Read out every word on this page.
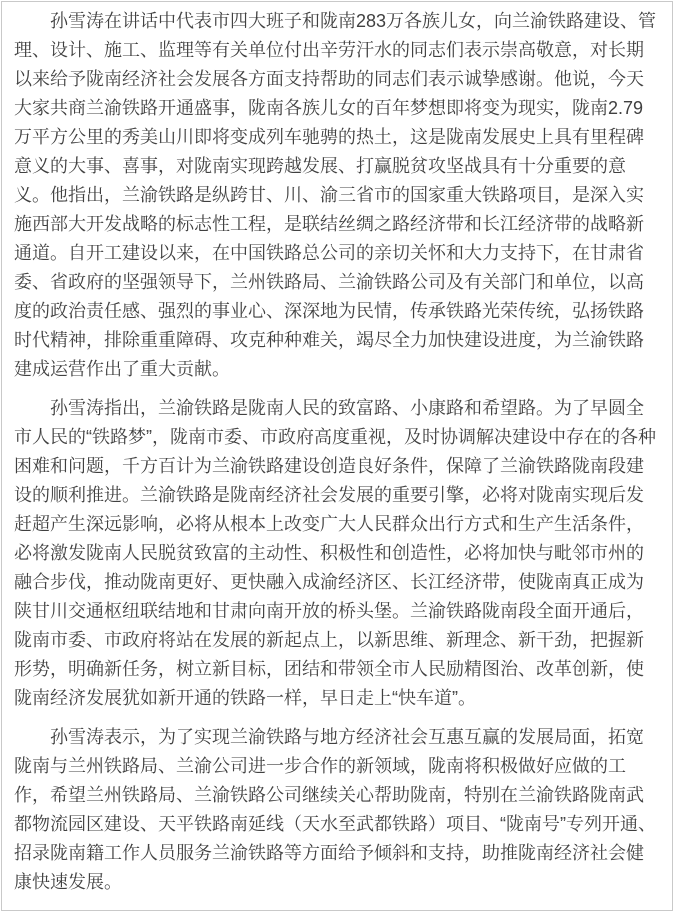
孙雪涛在讲话中代表市四大班子和陇南283万各族儿女，向兰渝铁路建设、管理、设计、施工、监理等有关单位付出辛劳汗水的同志们表示崇高敬意，对长期以来给予陇南经济社会发展各方面支持帮助的同志们表示诚挚感谢。他说，今天大家共商兰渝铁路开通盛事，陇南各族儿女的百年梦想即将变为现实，陇南2.79万平方公里的秀美山川即将变成列车驰骋的热土，这是陇南发展史上具有里程碑意义的大事、喜事，对陇南实现跨越发展、打赢脱贫攻坚战具有十分重要的意义。他指出，兰渝铁路是纵跨甘、川、渝三省市的国家重大铁路项目，是深入实施西部大开发战略的标志性工程，是联结丝绸之路经济带和长江经济带的战略新通道。自开工建设以来，在中国铁路总公司的亲切关怀和大力支持下，在甘肃省委、省政府的坚强领导下，兰州铁路局、兰渝铁路公司及有关部门和单位，以高度的政治责任感、强烈的事业心、深深地为民情，传承铁路光荣传统，弘扬铁路时代精神，排除重重障碍、攻克种种难关，竭尽全力加快建设进度，为兰渝铁路建成运营作出了重大贡献。

孙雪涛指出，兰渝铁路是陇南人民的致富路、小康路和希望路。为了早圆全市人民的“铁路梦”，陇南市委、市政府高度重视，及时协调解决建设中存在的各种困难和问题，千方百计为兰渝铁路建设创造良好条件，保障了兰渝铁路陇南段建设的顺利推进。兰渝铁路是陇南经济社会发展的重要引擎，必将对陇南实现后发赶超产生深远影响，必将从根本上改变广大人民群众出行方式和生产生活条件，必将激发陇南人民脱贫致富的主动性、积极性和创造性，必将加快与毗邻市州的融合步伐，推动陇南更好、更快融入成渝经济区、长江经济带，使陇南真正成为陕甘川交通枢纽联结地和甘肃向南开放的桥头堡。兰渝铁路陇南段全面开通后，陇南市委、市政府将站在发展的新起点上，以新思维、新理念、新干劲，把握新形势，明确新任务，树立新目标，团结和带领全市人民励精图治、改革创新，使陇南经济发展犹如新开通的铁路一样，早日走上“快车道”。

孙雪涛表示，为了实现兰渝铁路与地方经济社会互惠互赢的发展局面，拓宽陇南与兰州铁路局、兰渝公司进一步合作的新领域，陇南将积极做好应做的工作，希望兰州铁路局、兰渝铁路公司继续关心帮助陇南，特别在兰渝铁路陇南武都物流园区建设、天平铁路南延线（天水至武都铁路）项目、“陇南号”专列开通、招录陇南籍工作人员服务兰渝铁路等方面给予倾斜和支持，助推陇南经济社会健康快速发展。
